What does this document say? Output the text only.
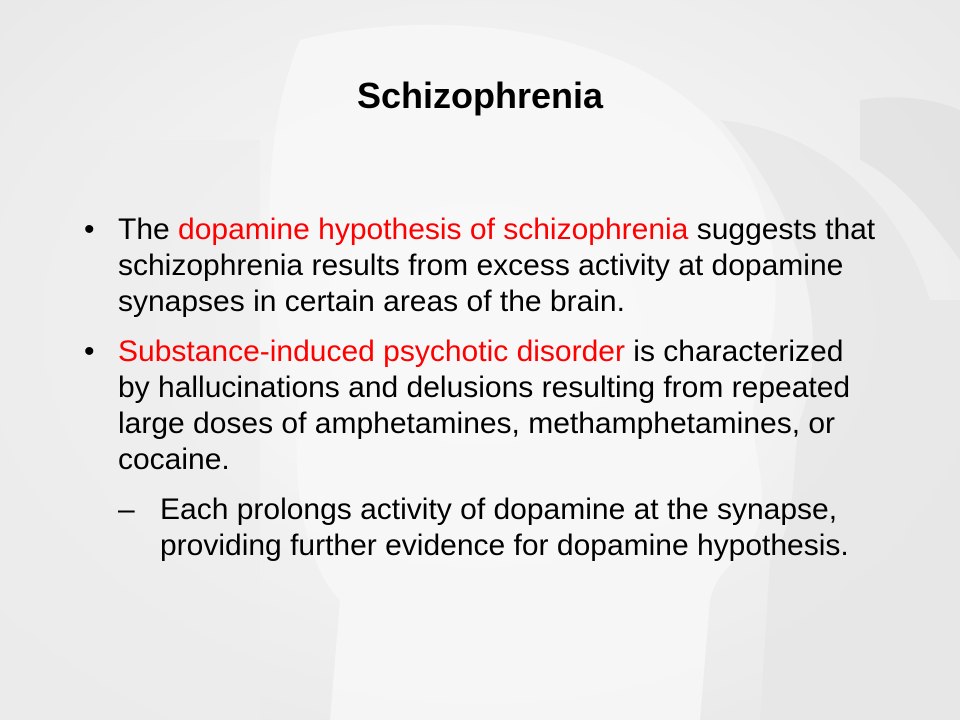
Schizophrenia

• The dopamine hypothesis of schizophrenia suggests that schizophrenia results from excess activity at dopamine synapses in certain areas of the brain.

• Substance-induced psychotic disorder is characterized by hallucinations and delusions resulting from repeated large doses of amphetamines, methamphetamines, or cocaine.

– Each prolongs activity of dopamine at the synapse, providing further evidence for dopamine hypothesis.
